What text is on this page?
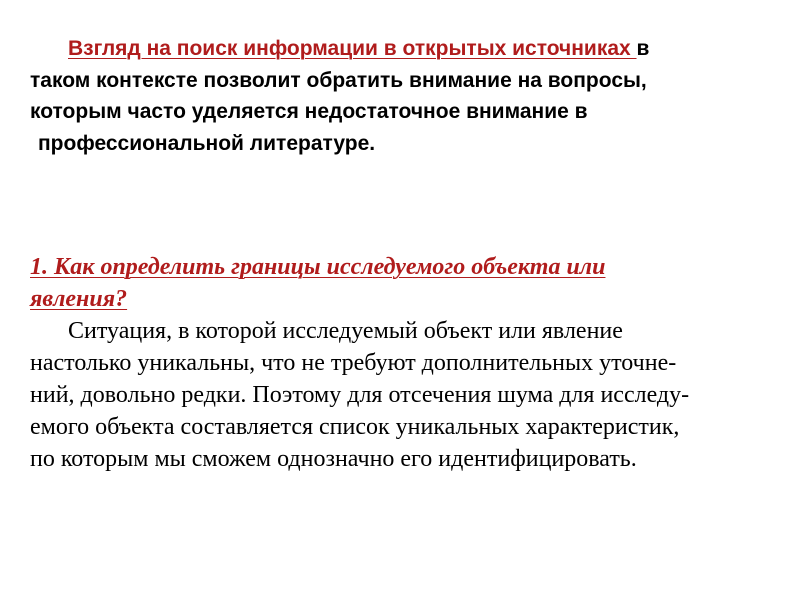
Взгляд на поиск информации в открытых источниках в
таком контексте позволит обратить внимание на вопросы,
которым часто уделяется недостаточное внимание в
профессиональной литературе.
1. Как определить границы исследуемого объекта или
явления?
Ситуация, в которой исследуемый объект или явление
настолько уникальны, что не требуют дополнительных уточне-
ний, довольно редки. Поэтому для отсечения шума для исследу-
емого объекта составляется список уникальных характеристик,
по которым мы сможем однозначно его идентифицировать.
